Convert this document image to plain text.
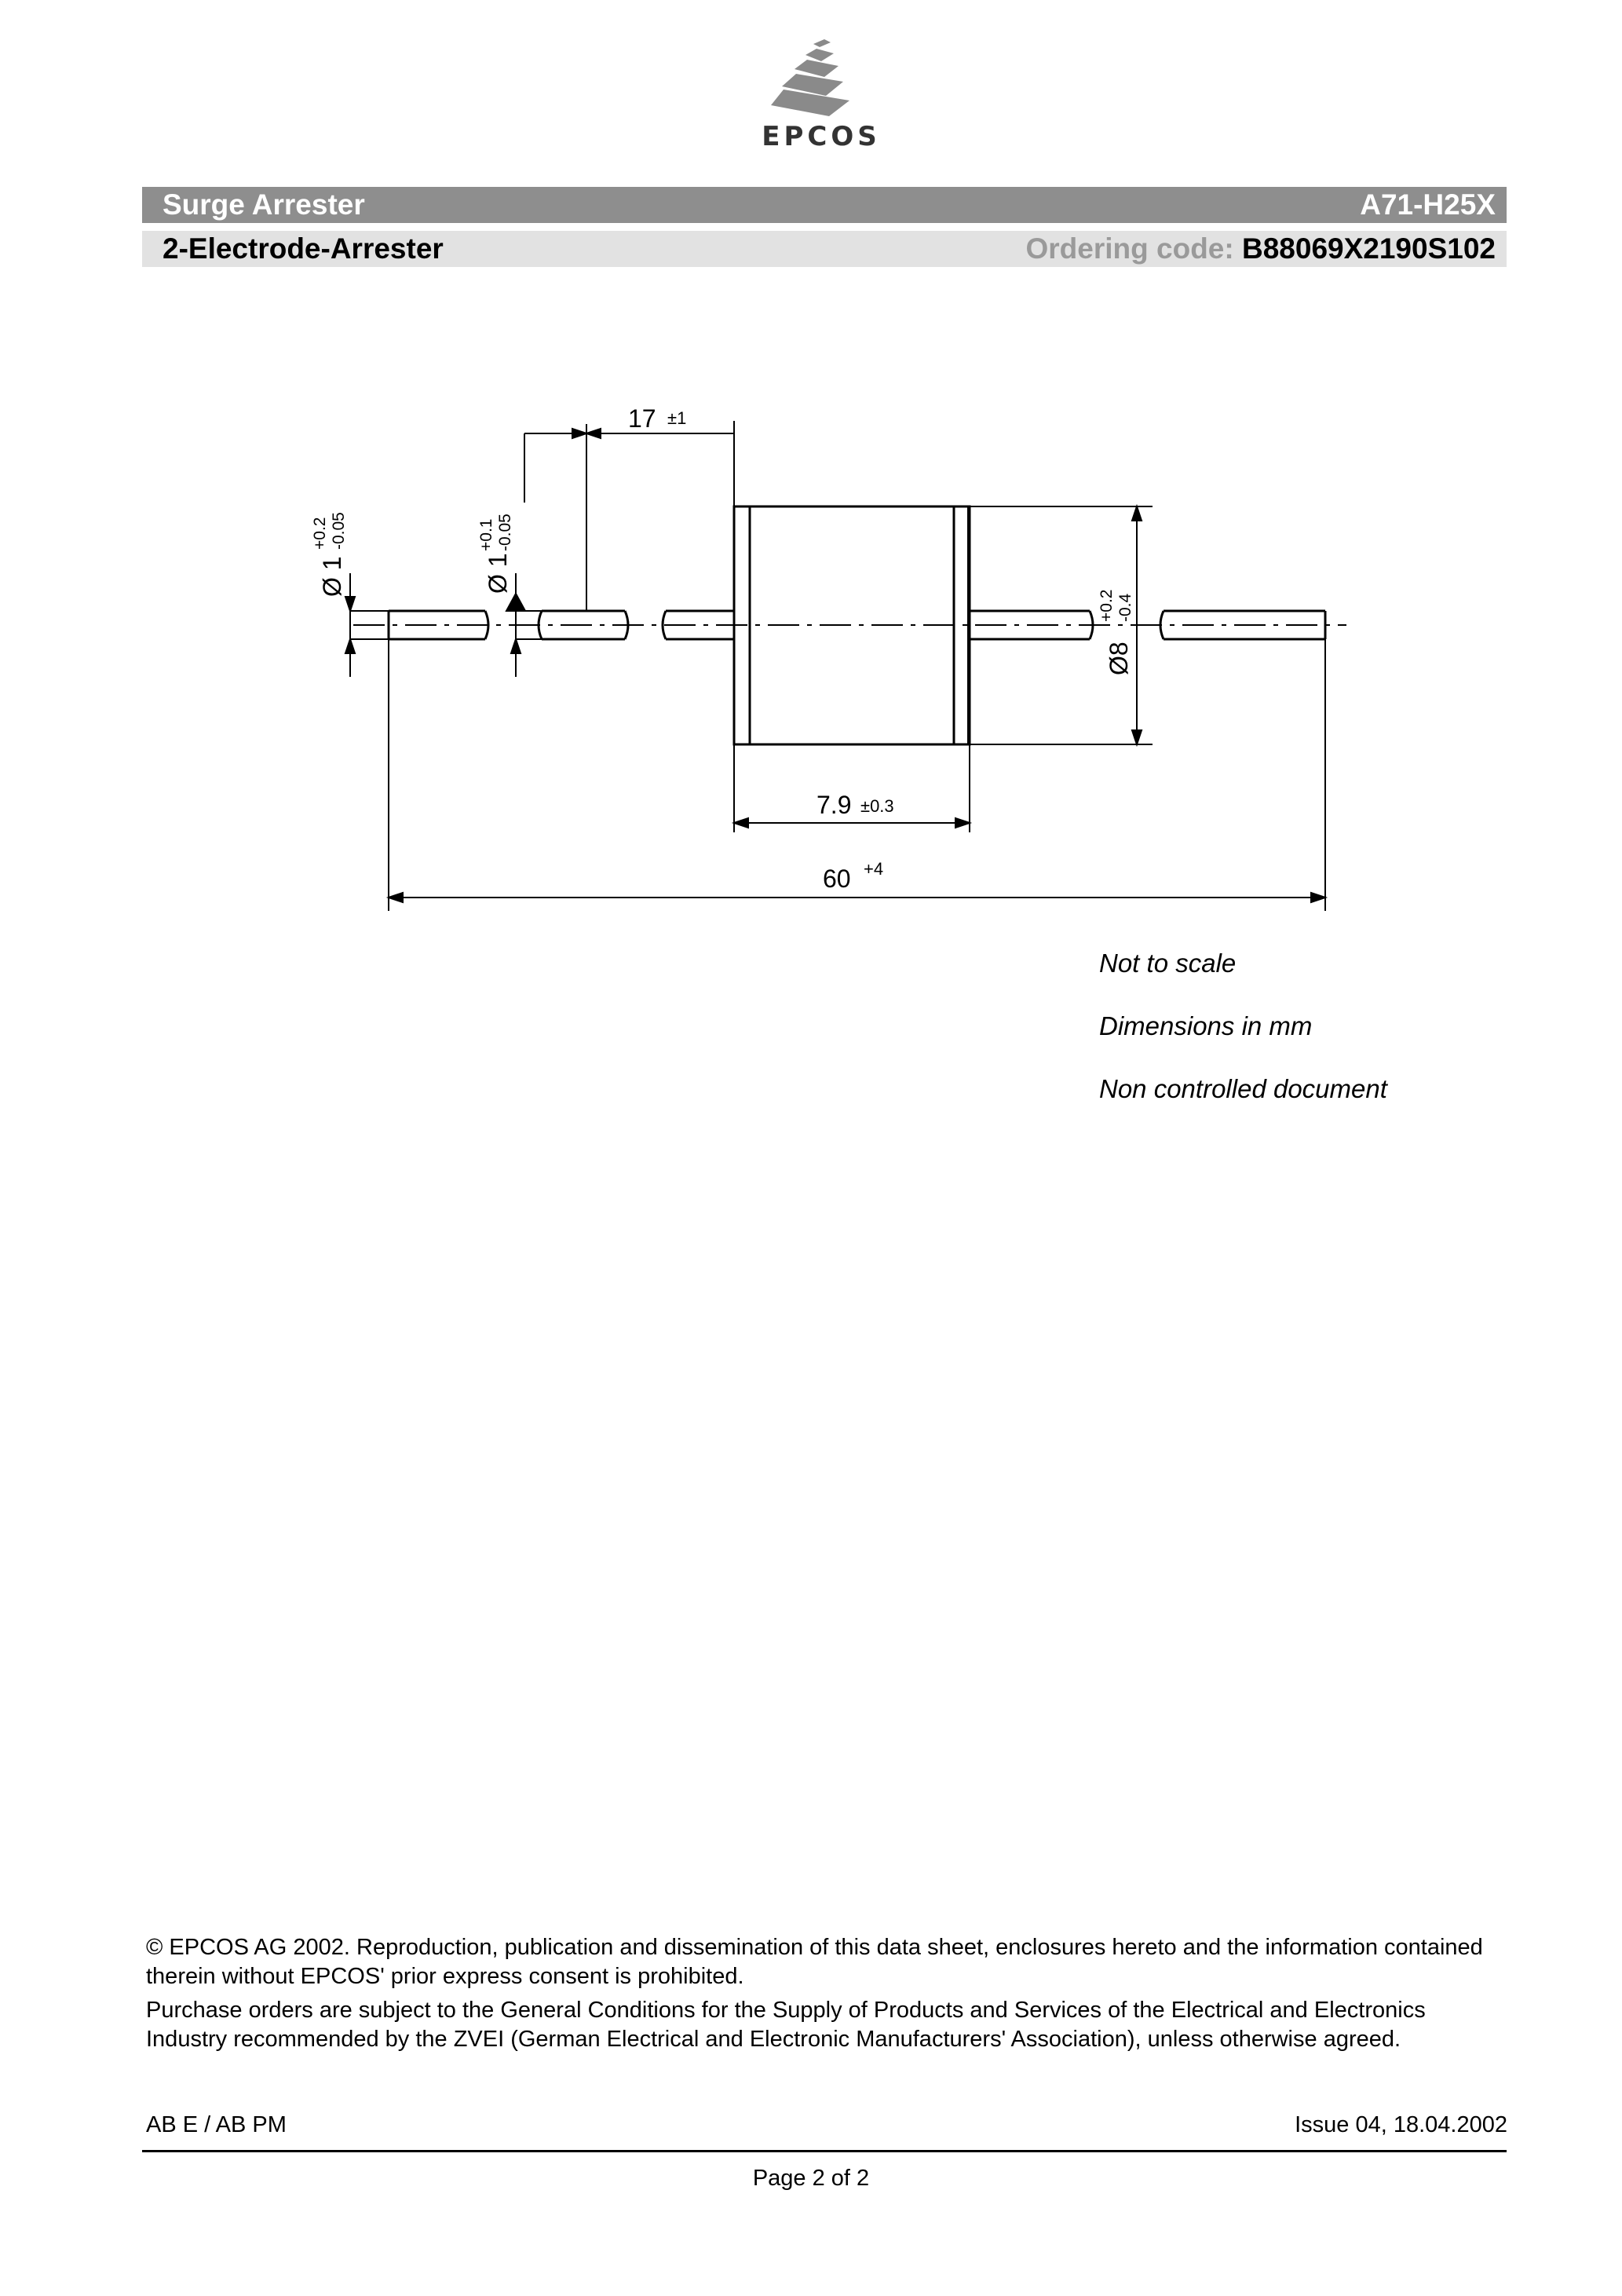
EPCOS
Surge Arrester	A71-H25X
2-Electrode-Arrester	Ordering code: B88069X2190S102
17 ±1
Ø 1
+0.2 -0.05
Ø 1
+0.1 -0.05
Ø8
+0.2 -0.4
7.9 ±0.3
60 +4
Not to scale
Dimensions in mm
Non controlled document

© EPCOS AG 2002. Reproduction, publication and dissemination of this data sheet, enclosures hereto and the information contained therein without EPCOS' prior express consent is prohibited.

Purchase orders are subject to the General Conditions for the Supply of Products and Services of the Electrical and Electronics Industry recommended by the ZVEI (German Electrical and Electronic Manufacturers' Association), unless otherwise agreed.

AB E / AB PM	Issue 04, 18.04.2002
Page 2 of 2
